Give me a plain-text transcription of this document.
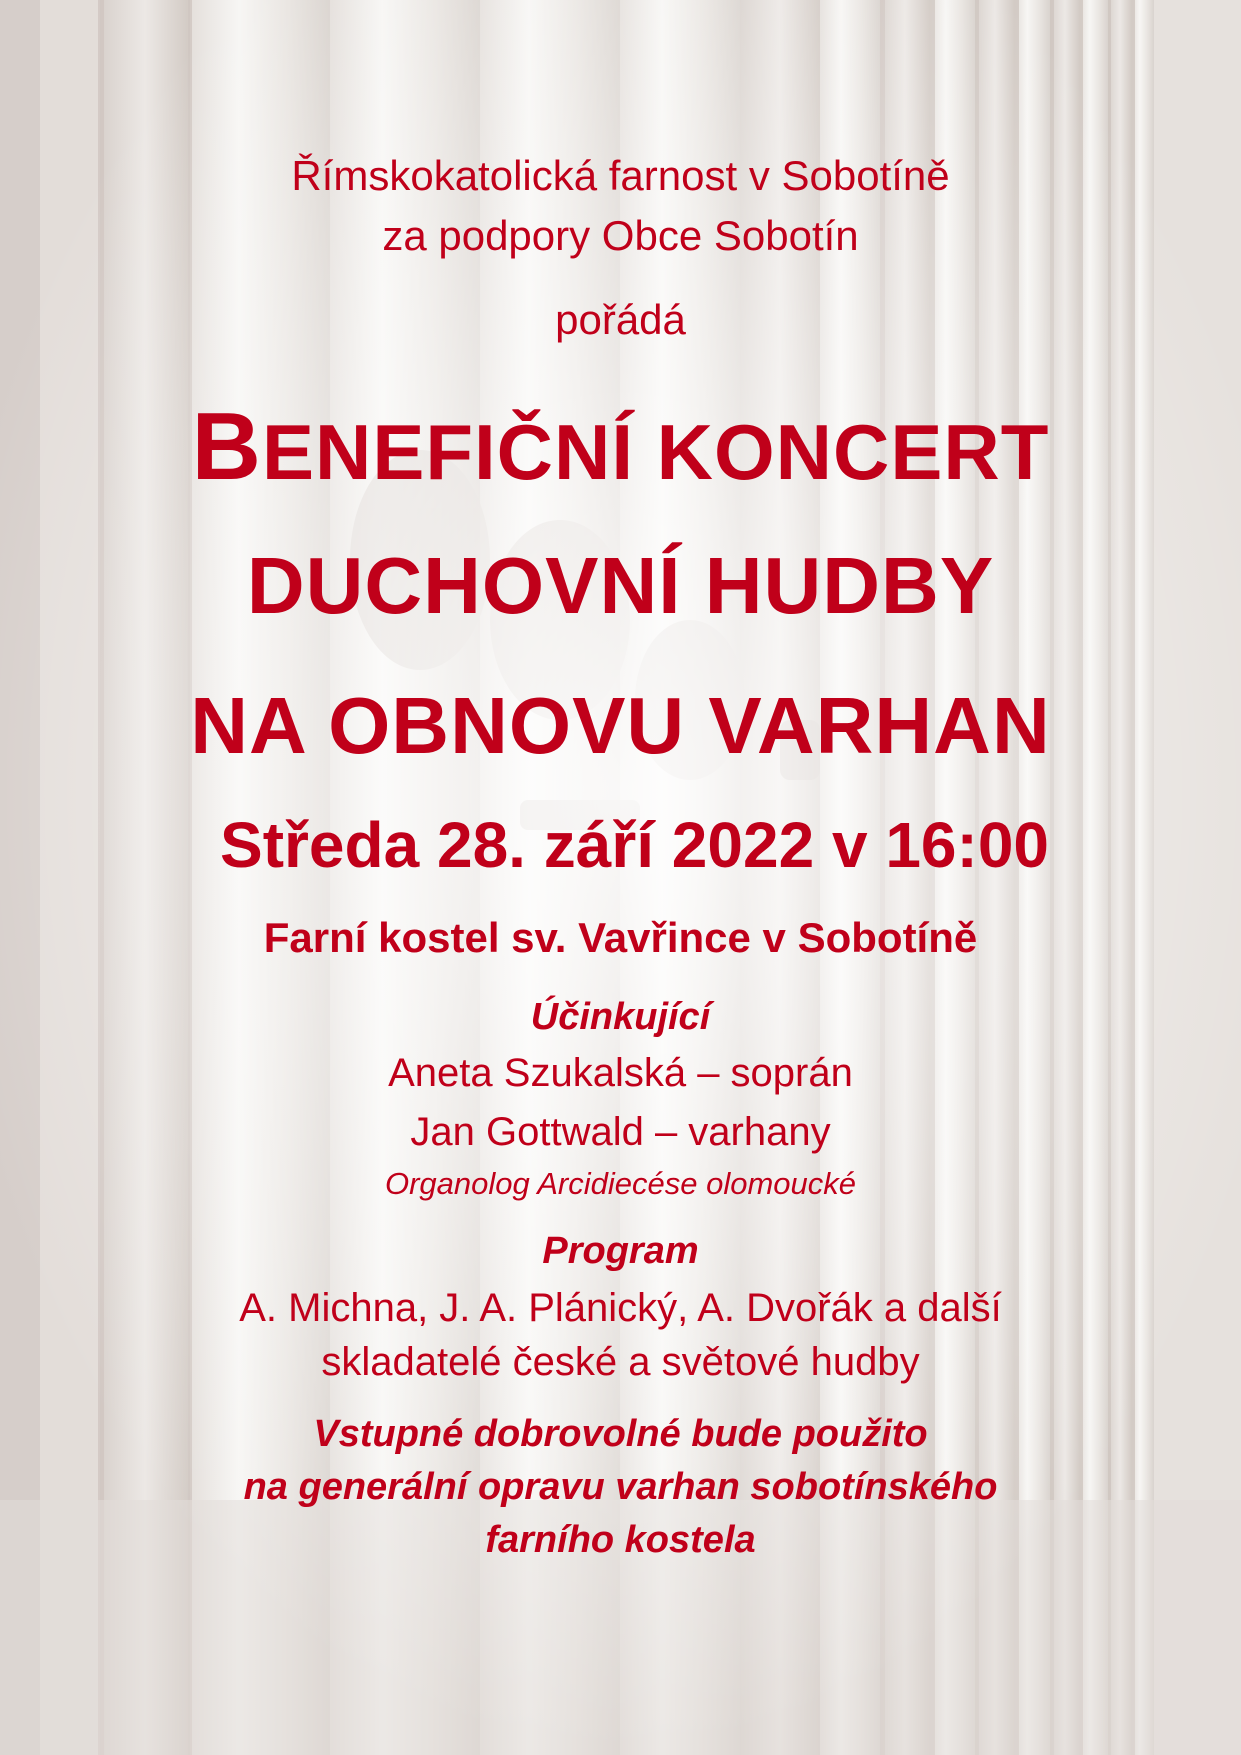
Římskokatolická farnost v Sobotíně
za podpory Obce Sobotín
pořádá
BENEFIČNÍ KONCERT
DUCHOVNÍ HUDBY
NA OBNOVU VARHAN
Středa 28. září 2022 v 16:00
Farní kostel sv. Vavřince v Sobotíně
Účinkující
Aneta Szukalská – soprán
Jan Gottwald – varhany
Organolog Arcidiecése olomoucké
Program
A. Michna, J. A. Plánický, A. Dvořák a další
skladatelé české a světové hudby
Vstupné dobrovolné bude použito
na generální opravu varhan sobotínského
farního kostela
